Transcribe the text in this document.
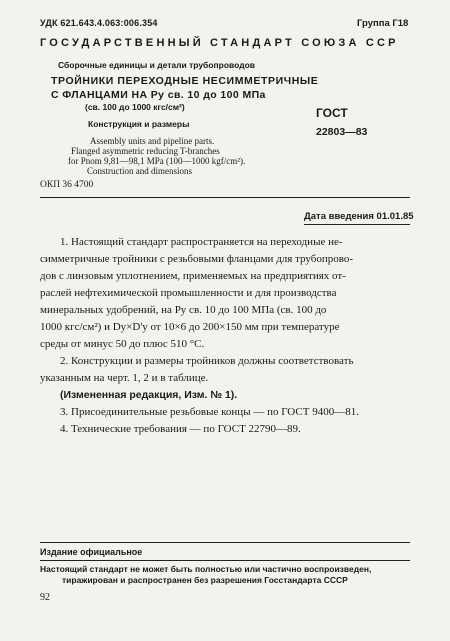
УДК 621.643.4.063:006.354	Группа Г18
ГОСУДАРСТВЕННЫЙ СТАНДАРТ СОЮЗА ССР
Сборочные единицы и детали трубопроводов
ТРОЙНИКИ ПЕРЕХОДНЫЕ НЕСИММЕТРИЧНЫЕ
С ФЛАНЦАМИ НА Pу св. 10 до 100 МПа
(св. 100 до 1000 кгс/см²)
Конструкция и размеры
ГОСТ
22803—83
Assembly units and pipeline parts.
Flanged asymmetric reducing T-branches
for Pnom 9,81—98,1 MPa (100—1000 kgf/cm²).
Construction and dimensions
ОКП 36 4700
Дата введения 01.01.85
1. Настоящий стандарт распространяется на переходные не-
симметричные тройники с резьбовыми фланцами для трубопрово-
дов с линзовым уплотнением, применяемых на предприятиях от-
раслей нефтехимической промышленности и для производства
минеральных удобрений, на Pу св. 10 до 100 МПа (св. 100 до
1000 кгс/см²) и Dy×D'y от 10×6 до 200×150 мм при температуре
среды от минус 50 до плюс 510 °С.
2. Конструкции и размеры тройников должны соответствовать
указанным на черт. 1, 2 и в таблице.
(Измененная редакция, Изм. № 1).
3. Присоединительные резьбовые концы — по ГОСТ 9400—81.
4. Технические требования — по ГОСТ 22790—89.
Издание официальное
Настоящий стандарт не может быть полностью или частично воспроизведен,
тиражирован и распространен без разрешения Госстандарта СССР
92
